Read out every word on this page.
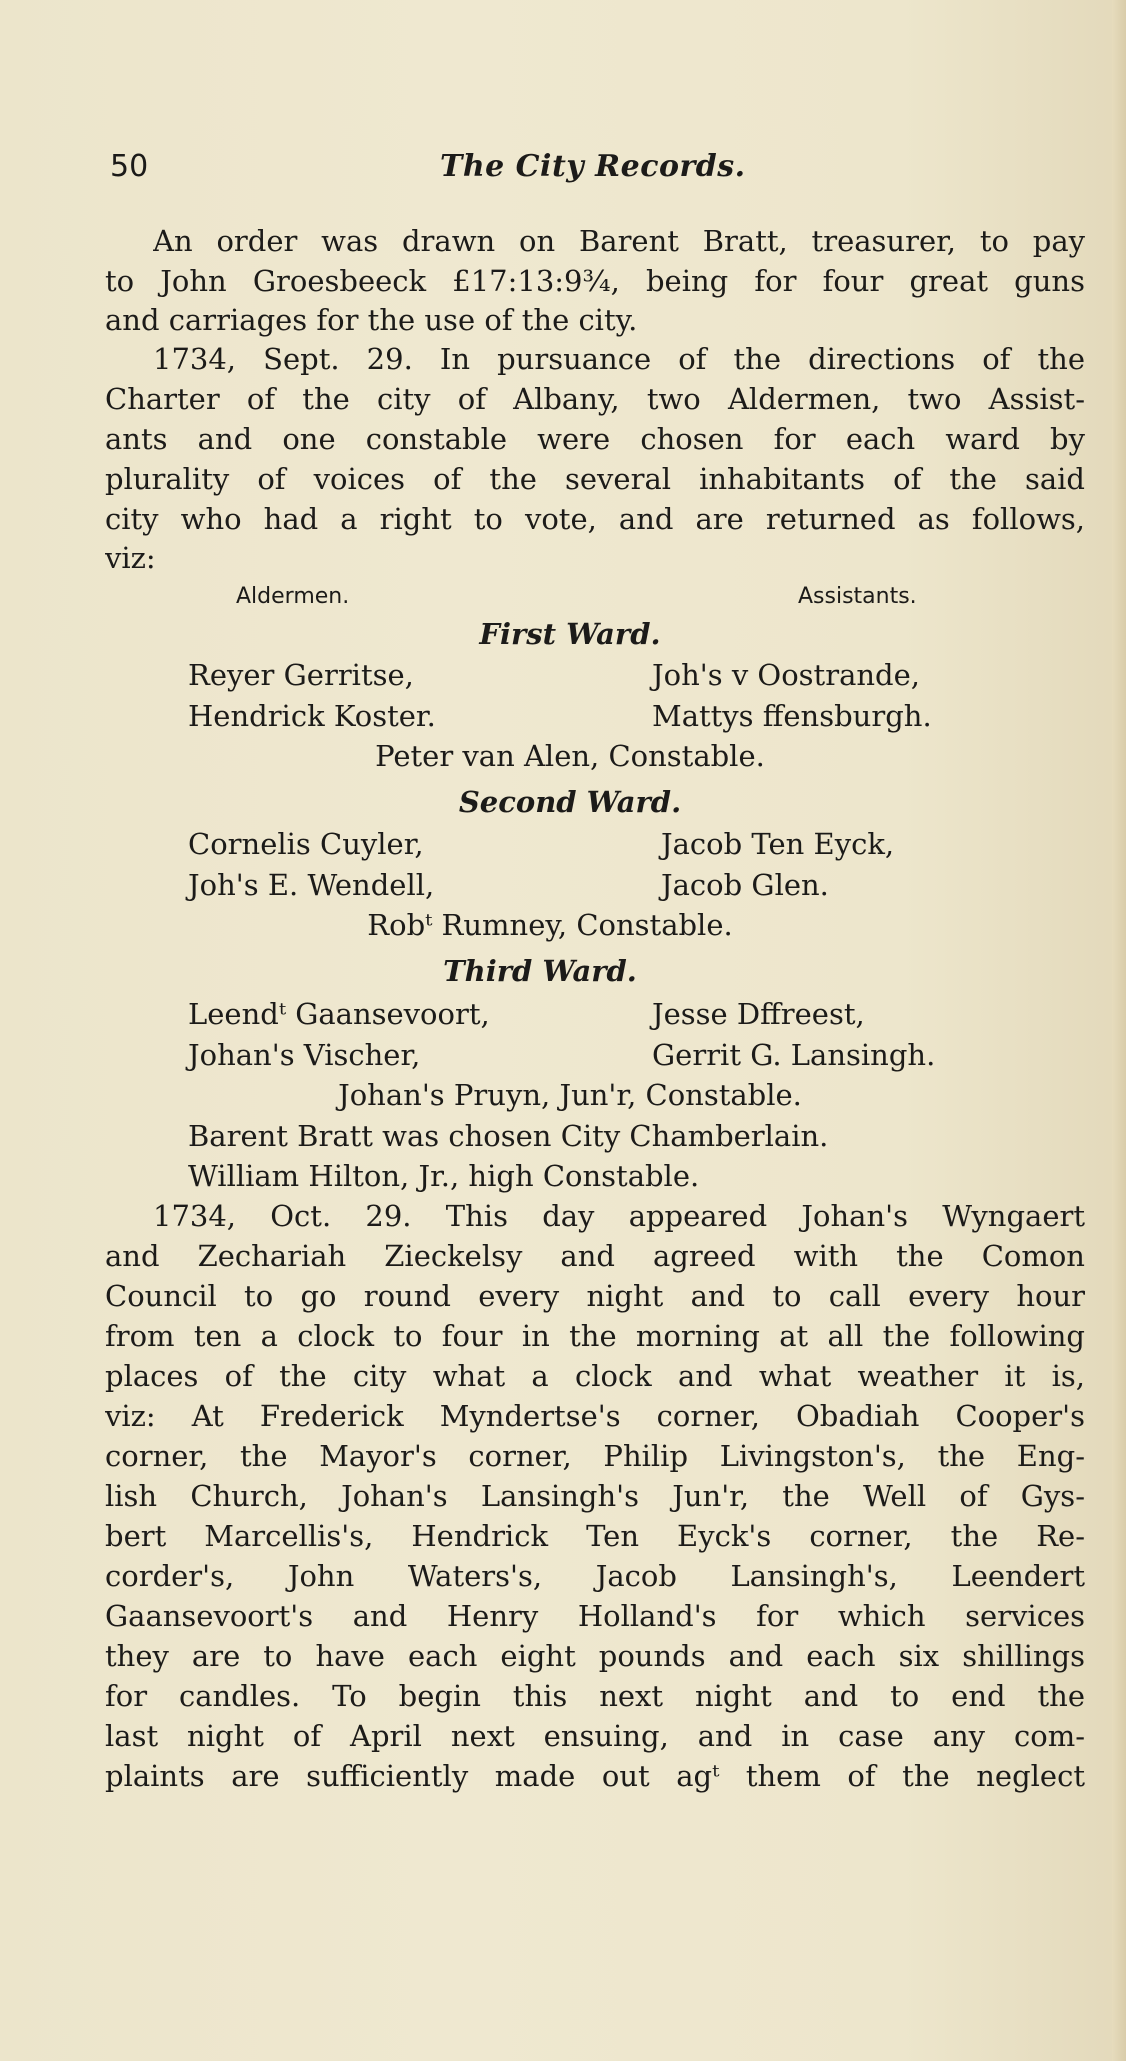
50	The City Records.
An order was drawn on Barent Bratt, treasurer, to pay
to John Groesbeeck £17:13:9¾, being for four great guns
and carriages for the use of the city.
1734, Sept. 29. In pursuance of the directions of the
Charter of the city of Albany, two Aldermen, two Assist-
ants and one constable were chosen for each ward by
plurality of voices of the several inhabitants of the said
city who had a right to vote, and are returned as follows,
viz:
Aldermen.	Assistants.
First Ward.
Reyer Gerritse,	Joh's v Oostrande,
Hendrick Koster.	Mattys ffensburgh.
Peter van Alen, Constable.
Second Ward.
Cornelis Cuyler,	Jacob Ten Eyck,
Joh's E. Wendell,	Jacob Glen.
Robᵗ Rumney, Constable.
Third Ward.
Leendᵗ Gaansevoort,	Jesse Dffreest,
Johan's Vischer,	Gerrit G. Lansingh.
Johan's Pruyn, Jun'r, Constable.
Barent Bratt was chosen City Chamberlain.
William Hilton, Jr., high Constable.
1734, Oct. 29. This day appeared Johan's Wyngaert
and Zechariah Zieckelsy and agreed with the Comon
Council to go round every night and to call every hour
from ten a clock to four in the morning at all the following
places of the city what a clock and what weather it is,
viz: At Frederick Myndertse's corner, Obadiah Cooper's
corner, the Mayor's corner, Philip Livingston's, the Eng-
lish Church, Johan's Lansingh's Jun'r, the Well of Gys-
bert Marcellis's, Hendrick Ten Eyck's corner, the Re-
corder's, John Waters's, Jacob Lansingh's, Leendert
Gaansevoort's and Henry Holland's for which services
they are to have each eight pounds and each six shillings
for candles. To begin this next night and to end the
last night of April next ensuing, and in case any com-
plaints are sufficiently made out agᵗ them of the neglect
